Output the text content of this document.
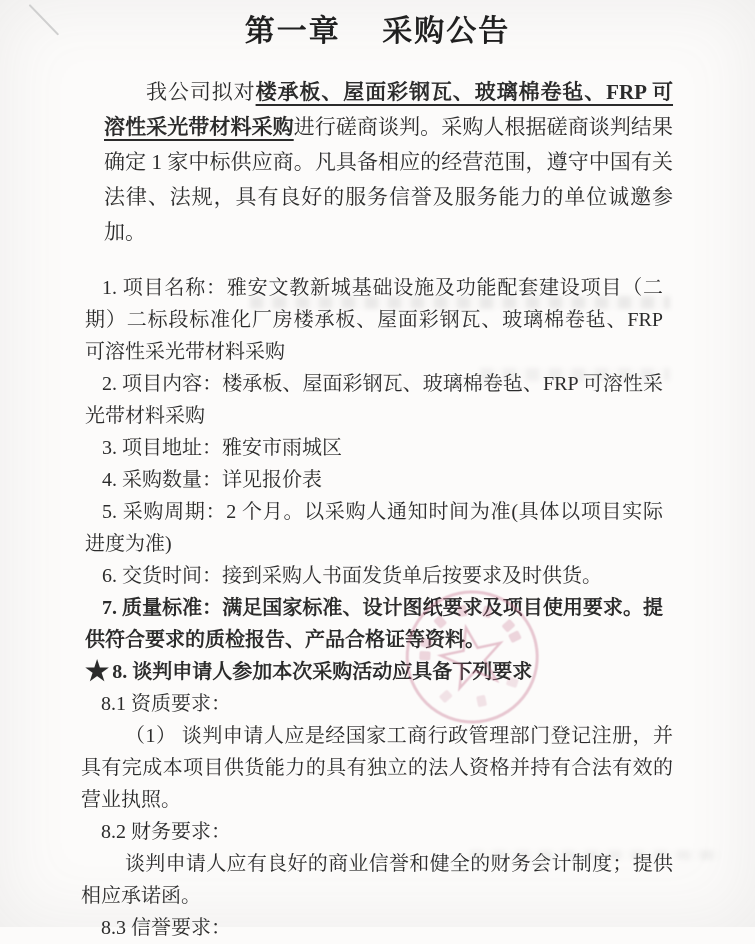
第一章　 采购公告

我公司拟对楼承板、屋面彩钢瓦、玻璃棉卷毡、FRP 可溶性采光带材料采购进行磋商谈判。采购人根据磋商谈判结果确定 1 家中标供应商。凡具备相应的经营范围，遵守中国有关法律、法规，具有良好的服务信誉及服务能力的单位诚邀参加。

1. 项目名称：雅安文教新城基础设施及功能配套建设项目（二期）二标段标准化厂房楼承板、屋面彩钢瓦、玻璃棉卷毡、FRP 可溶性采光带材料采购
2. 项目内容：楼承板、屋面彩钢瓦、玻璃棉卷毡、FRP 可溶性采光带材料采购
3. 项目地址：雅安市雨城区
4. 采购数量：详见报价表
5. 采购周期：2 个月。以采购人通知时间为准(具体以项目实际进度为准)
6. 交货时间：接到采购人书面发货单后按要求及时供货。
7. 质量标准：满足国家标准、设计图纸要求及项目使用要求。提供符合要求的质检报告、产品合格证等资料。
★8. 谈判申请人参加本次采购活动应具备下列要求
8.1 资质要求：
（1） 谈判申请人应是经国家工商行政管理部门登记注册，并具有完成本项目供货能力的具有独立的法人资格并持有合法有效的营业执照。
8.2 财务要求：
谈判申请人应有良好的商业信誉和健全的财务会计制度；提供相应承诺函。
8.3 信誉要求：
